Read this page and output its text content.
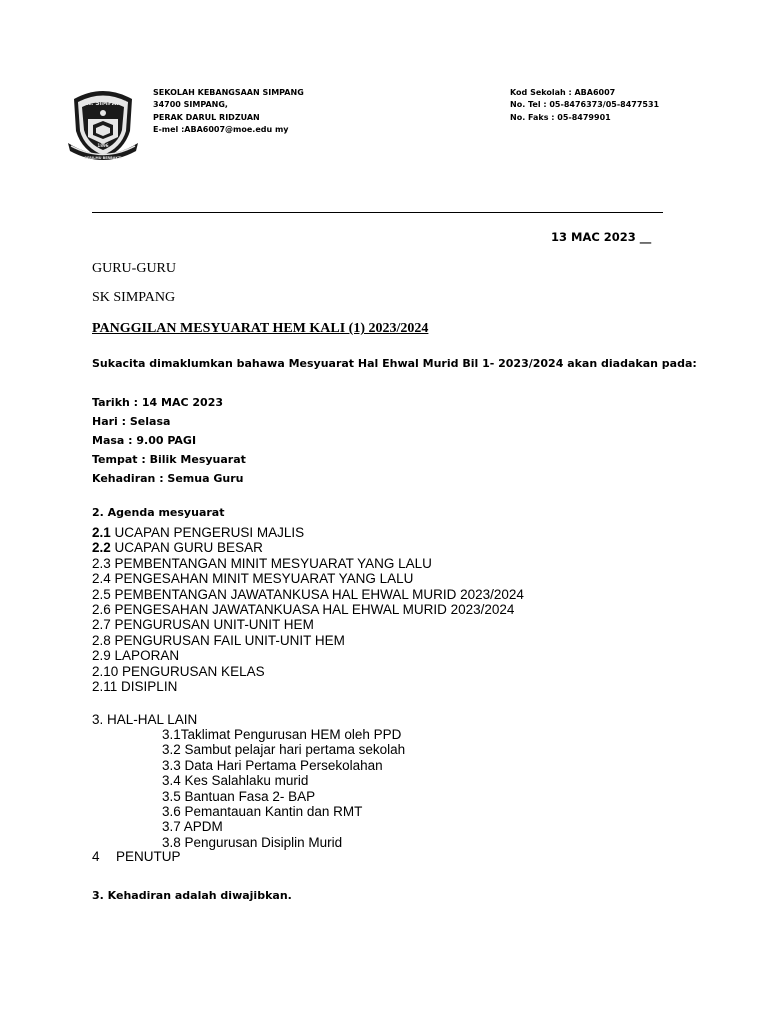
S.K. SIMPANG
1896
BERILMU BERBAKTI
SEKOLAH KEBANGSAAN SIMPANG
34700 SIMPANG,
PERAK DARUL RIDZUAN
E-mel :ABA6007@moe.edu my
Kod Sekolah : ABA6007
No. Tel : 05-8476373/05-8477531
No. Faks : 05-8479901
13 MAC 2023 __
GURU-GURU
SK SIMPANG
PANGGILAN MESYUARAT HEM KALI (1) 2023/2024
Sukacita dimaklumkan bahawa Mesyuarat Hal Ehwal Murid Bil 1- 2023/2024 akan diadakan pada:
Tarikh : 14 MAC 2023
Hari : Selasa
Masa : 9.00 PAGI
Tempat : Bilik Mesyuarat
Kehadiran : Semua Guru
2. Agenda mesyuarat
2.1 UCAPAN PENGERUSI MAJLIS
2.2 UCAPAN GURU BESAR
2.3 PEMBENTANGAN MINIT MESYUARAT YANG LALU
2.4 PENGESAHAN MINIT MESYUARAT YANG LALU
2.5 PEMBENTANGAN JAWATANKUSA HAL EHWAL MURID 2023/2024
2.6 PENGESAHAN JAWATANKUASA HAL EHWAL MURID 2023/2024
2.7 PENGURUSAN UNIT-UNIT HEM
2.8 PENGURUSAN FAIL UNIT-UNIT HEM
2.9 LAPORAN
2.10 PENGURUSAN KELAS
2.11 DISIPLIN
3. HAL-HAL LAIN
3.1Taklimat Pengurusan HEM oleh PPD
3.2 Sambut pelajar hari pertama sekolah
3.3 Data Hari Pertama Persekolahan
3.4 Kes Salahlaku murid
3.5 Bantuan Fasa 2- BAP
3.6 Pemantauan Kantin dan RMT
3.7 APDM
3.8 Pengurusan Disiplin Murid
4 PENUTUP
3. Kehadiran adalah diwajibkan.
